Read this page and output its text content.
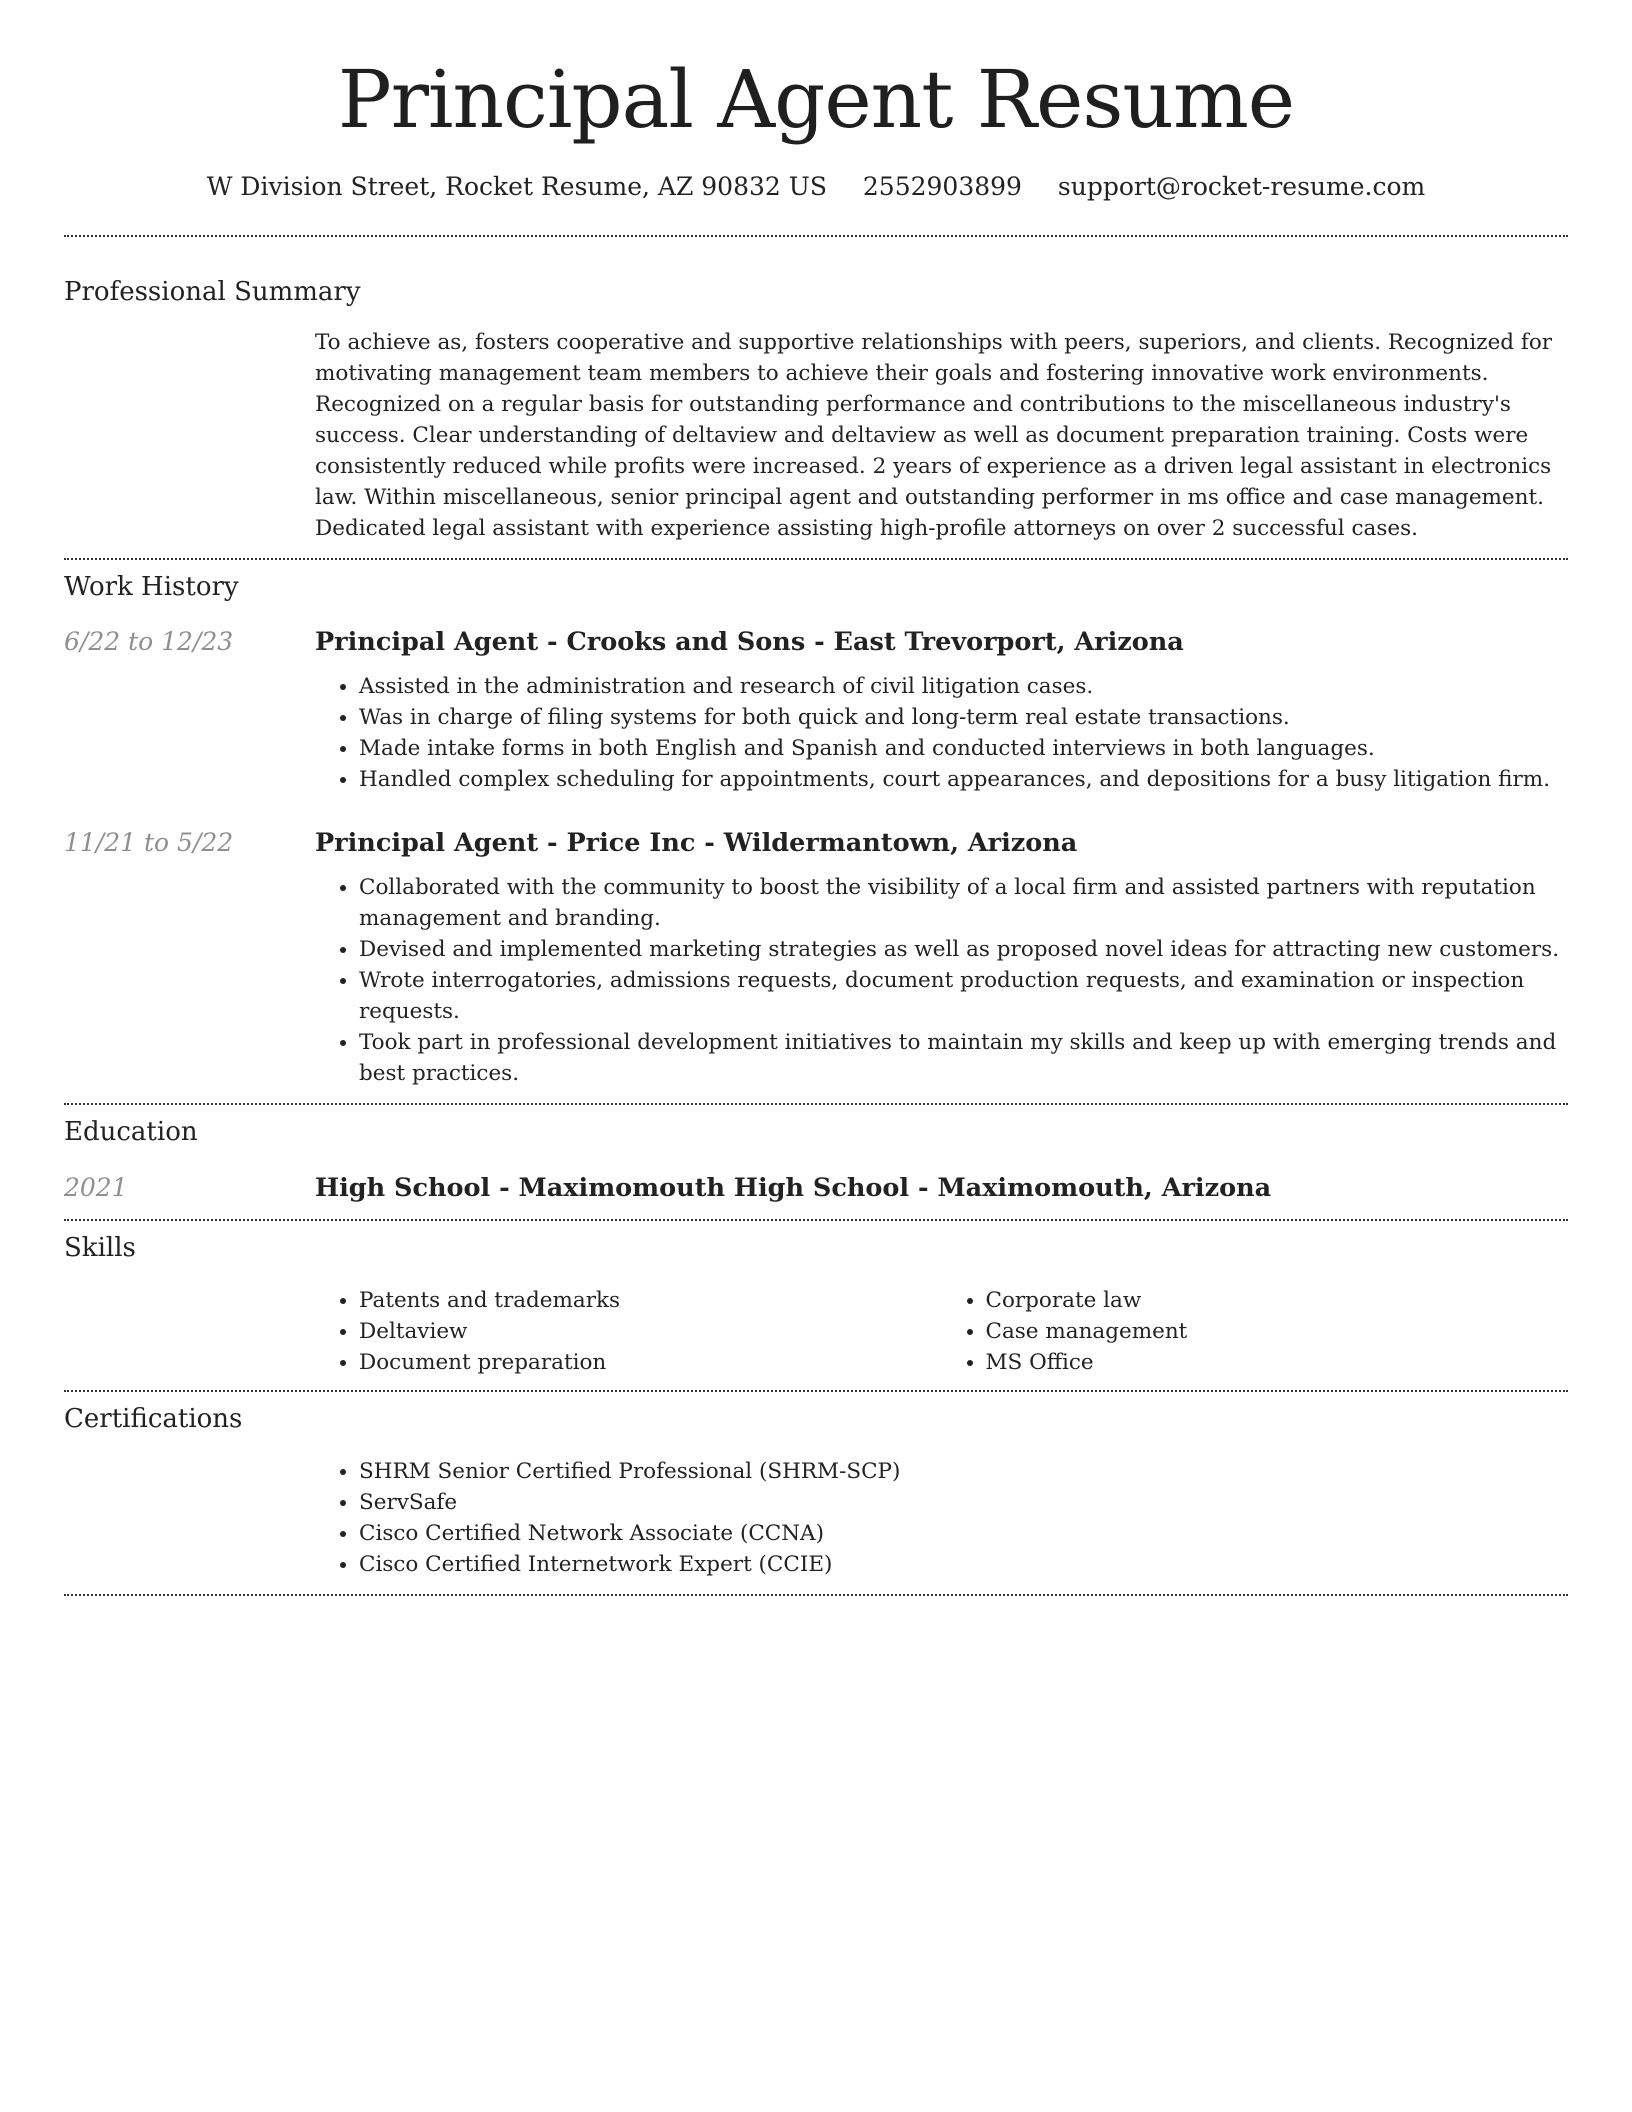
Principal Agent Resume
W Division Street, Rocket Resume, AZ 90832 US 2552903899 support@rocket-resume.com
Professional Summary

To achieve as, fosters cooperative and supportive relationships with peers, superiors, and clients. Recognized for motivating management team members to achieve their goals and fostering innovative work environments. Recognized on a regular basis for outstanding performance and contributions to the miscellaneous industry's success. Clear understanding of deltaview and deltaview as well as document preparation training. Costs were consistently reduced while profits were increased. 2 years of experience as a driven legal assistant in electronics law. Within miscellaneous, senior principal agent and outstanding performer in ms office and case management. Dedicated legal assistant with experience assisting high-profile attorneys on over 2 successful cases.

Work History
6/22 to 12/23	Principal Agent - Crooks and Sons - East Trevorport, Arizona
• Assisted in the administration and research of civil litigation cases.
• Was in charge of filing systems for both quick and long-term real estate transactions.
• Made intake forms in both English and Spanish and conducted interviews in both languages.
• Handled complex scheduling for appointments, court appearances, and depositions for a busy litigation firm.
11/21 to 5/22	Principal Agent - Price Inc - Wildermantown, Arizona
• Collaborated with the community to boost the visibility of a local firm and assisted partners with reputation management and branding.
• Devised and implemented marketing strategies as well as proposed novel ideas for attracting new customers.
• Wrote interrogatories, admissions requests, document production requests, and examination or inspection requests.
• Took part in professional development initiatives to maintain my skills and keep up with emerging trends and best practices.
Education
2021	High School - Maximomouth High School - Maximomouth, Arizona
Skills
• Patents and trademarks
• Deltaview
• Document preparation
• Corporate law
• Case management
• MS Office
Certifications
• SHRM Senior Certified Professional (SHRM-SCP)
• ServSafe
• Cisco Certified Network Associate (CCNA)
• Cisco Certified Internetwork Expert (CCIE)
